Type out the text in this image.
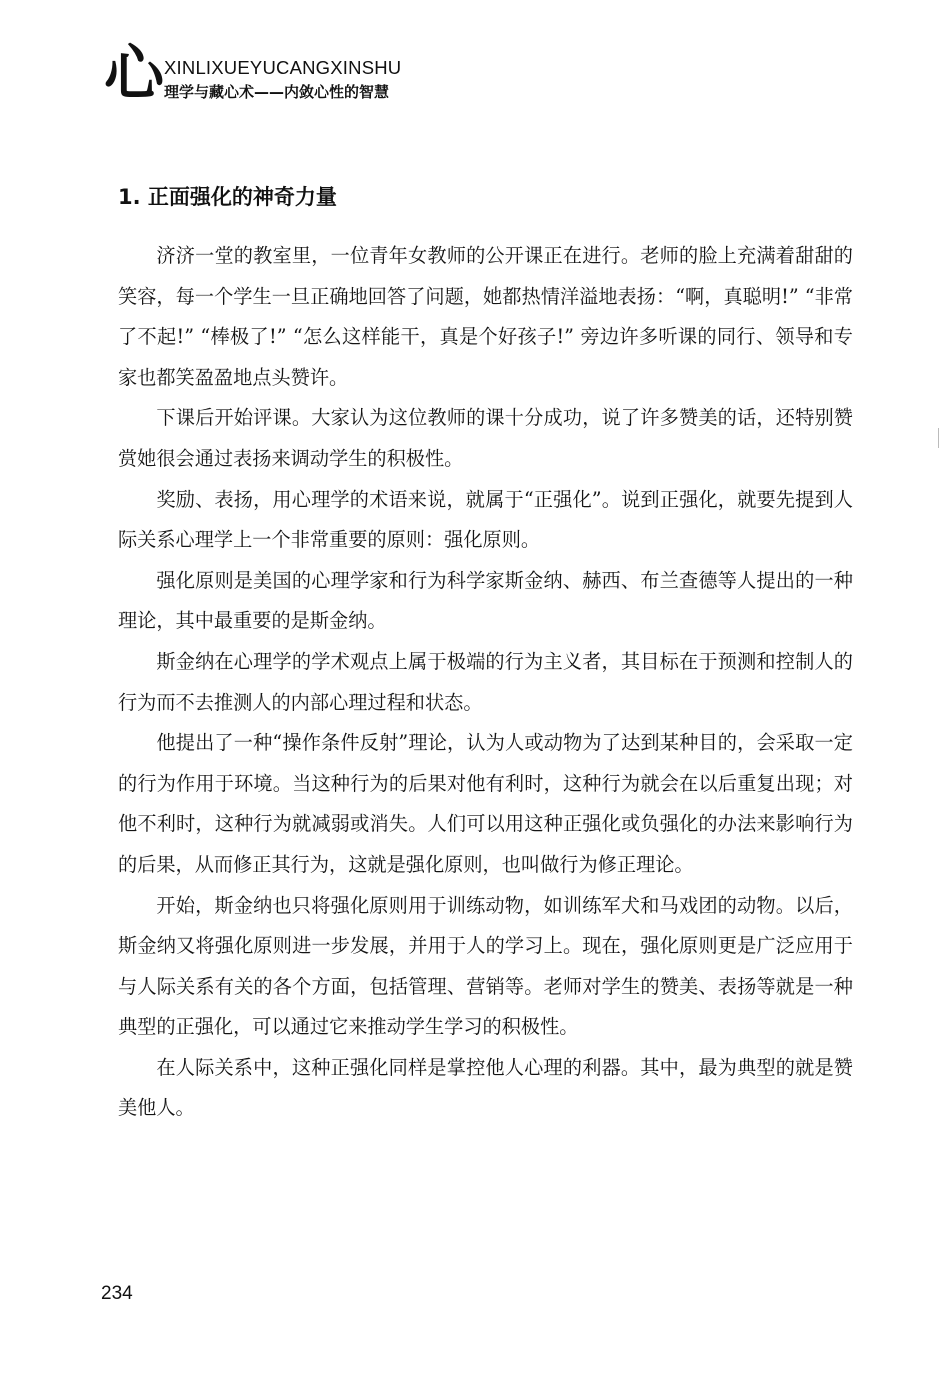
心 XINLIXUEYUCANGXINSHU
理学与藏心术——内敛心性的智慧
1. 正面强化的神奇力量

济济一堂的教室里，一位青年女教师的公开课正在进行。老师的脸上充满着甜甜的笑容，每一个学生一旦正确地回答了问题，她都热情洋溢地表扬：“啊，真聪明!” “非常了不起!” “棒极了!” “怎么这样能干，真是个好孩子!” 旁边许多听课的同行、领导和专家也都笑盈盈地点头赞许。

下课后开始评课。大家认为这位教师的课十分成功，说了许多赞美的话，还特别赞赏她很会通过表扬来调动学生的积极性。

奖励、表扬，用心理学的术语来说，就属于“正强化”。说到正强化，就要先提到人际关系心理学上一个非常重要的原则：强化原则。

强化原则是美国的心理学家和行为科学家斯金纳、赫西、布兰查德等人提出的一种理论，其中最重要的是斯金纳。

斯金纳在心理学的学术观点上属于极端的行为主义者，其目标在于预测和控制人的行为而不去推测人的内部心理过程和状态。

他提出了一种“操作条件反射”理论，认为人或动物为了达到某种目的，会采取一定的行为作用于环境。当这种行为的后果对他有利时，这种行为就会在以后重复出现；对他不利时，这种行为就减弱或消失。人们可以用这种正强化或负强化的办法来影响行为的后果，从而修正其行为，这就是强化原则，也叫做行为修正理论。

开始，斯金纳也只将强化原则用于训练动物，如训练军犬和马戏团的动物。以后，斯金纳又将强化原则进一步发展，并用于人的学习上。现在，强化原则更是广泛应用于与人际关系有关的各个方面，包括管理、营销等。老师对学生的赞美、表扬等就是一种典型的正强化，可以通过它来推动学生学习的积极性。

在人际关系中，这种正强化同样是掌控他人心理的利器。其中，最为典型的就是赞美他人。

234
